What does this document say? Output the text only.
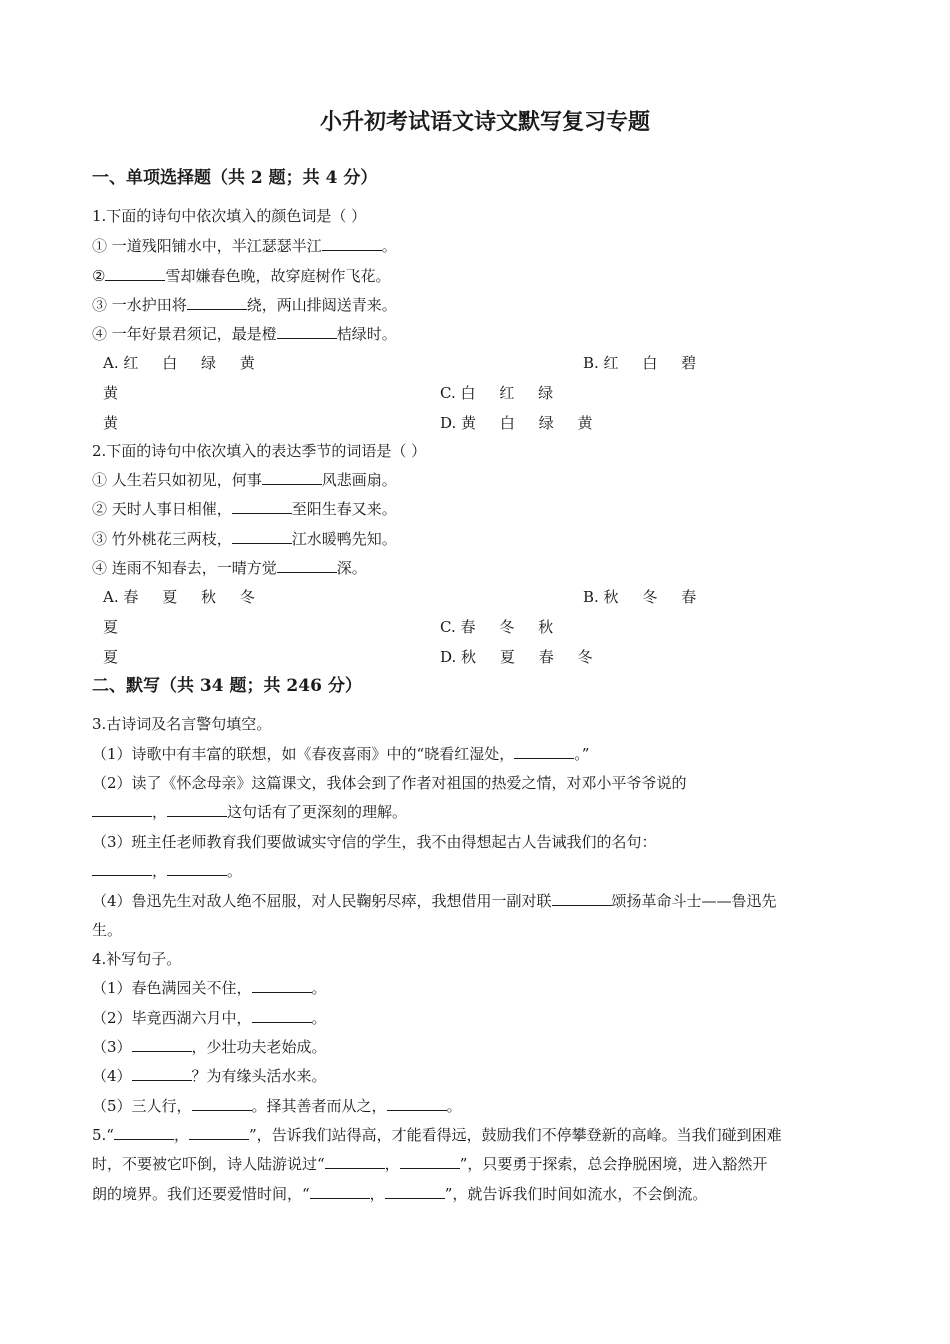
小升初考试语文诗文默写复习专题
一、单项选择题（共 2 题；共 4 分）
1.下面的诗句中依次填入的颜色词是（ ）
① 一道残阳铺水中，半江瑟瑟半江	。
②	雪却嫌春色晚，故穿庭树作飞花。
③ 一水护田将	绕，两山排闼送青来。
④ 一年好景君须记，最是橙	桔绿时。
A. 红     白     绿     黄	B. 红     白     碧
黄	C. 白     红     绿
黄	D. 黄     白     绿     黄
2.下面的诗句中依次填入的表达季节的词语是（ ）
① 人生若只如初见，何事	风悲画扇。
② 天时人事日相催，	至阳生春又来。
③ 竹外桃花三两枝，	江水暖鸭先知。
④ 连雨不知春去，一晴方觉	深。
A. 春     夏     秋     冬	B. 秋     冬     春
夏	C. 春     冬     秋
夏	D. 秋     夏     春     冬
二、默写（共 34 题；共 246 分）
3.古诗词及名言警句填空。
（1）诗歌中有丰富的联想，如《春夜喜雨》中的“晓看红湿处，	。”
（2）读了《怀念母亲》这篇课文，我体会到了作者对祖国的热爱之情，对邓小平爷爷说的
，	这句话有了更深刻的理解。
（3）班主任老师教育我们要做诚实守信的学生，我不由得想起古人告诫我们的名句：
，	。
（4）鲁迅先生对敌人绝不屈服，对人民鞠躬尽瘁，我想借用一副对联	颂扬革命斗士——鲁迅先
生。
4.补写句子。
（1）春色满园关不住，	。
（2）毕竟西湖六月中，	。
（3）	，少壮功夫老始成。
（4）	？为有缘头活水来。
（5）三人行，	。择其善者而从之，	。
5.“	，	”，告诉我们站得高，才能看得远，鼓励我们不停攀登新的高峰。当我们碰到困难
时，不要被它吓倒，诗人陆游说过“	，	”，只要勇于探索，总会挣脱困境，进入豁然开
朗的境界。我们还要爱惜时间，“	，	”，就告诉我们时间如流水，不会倒流。
